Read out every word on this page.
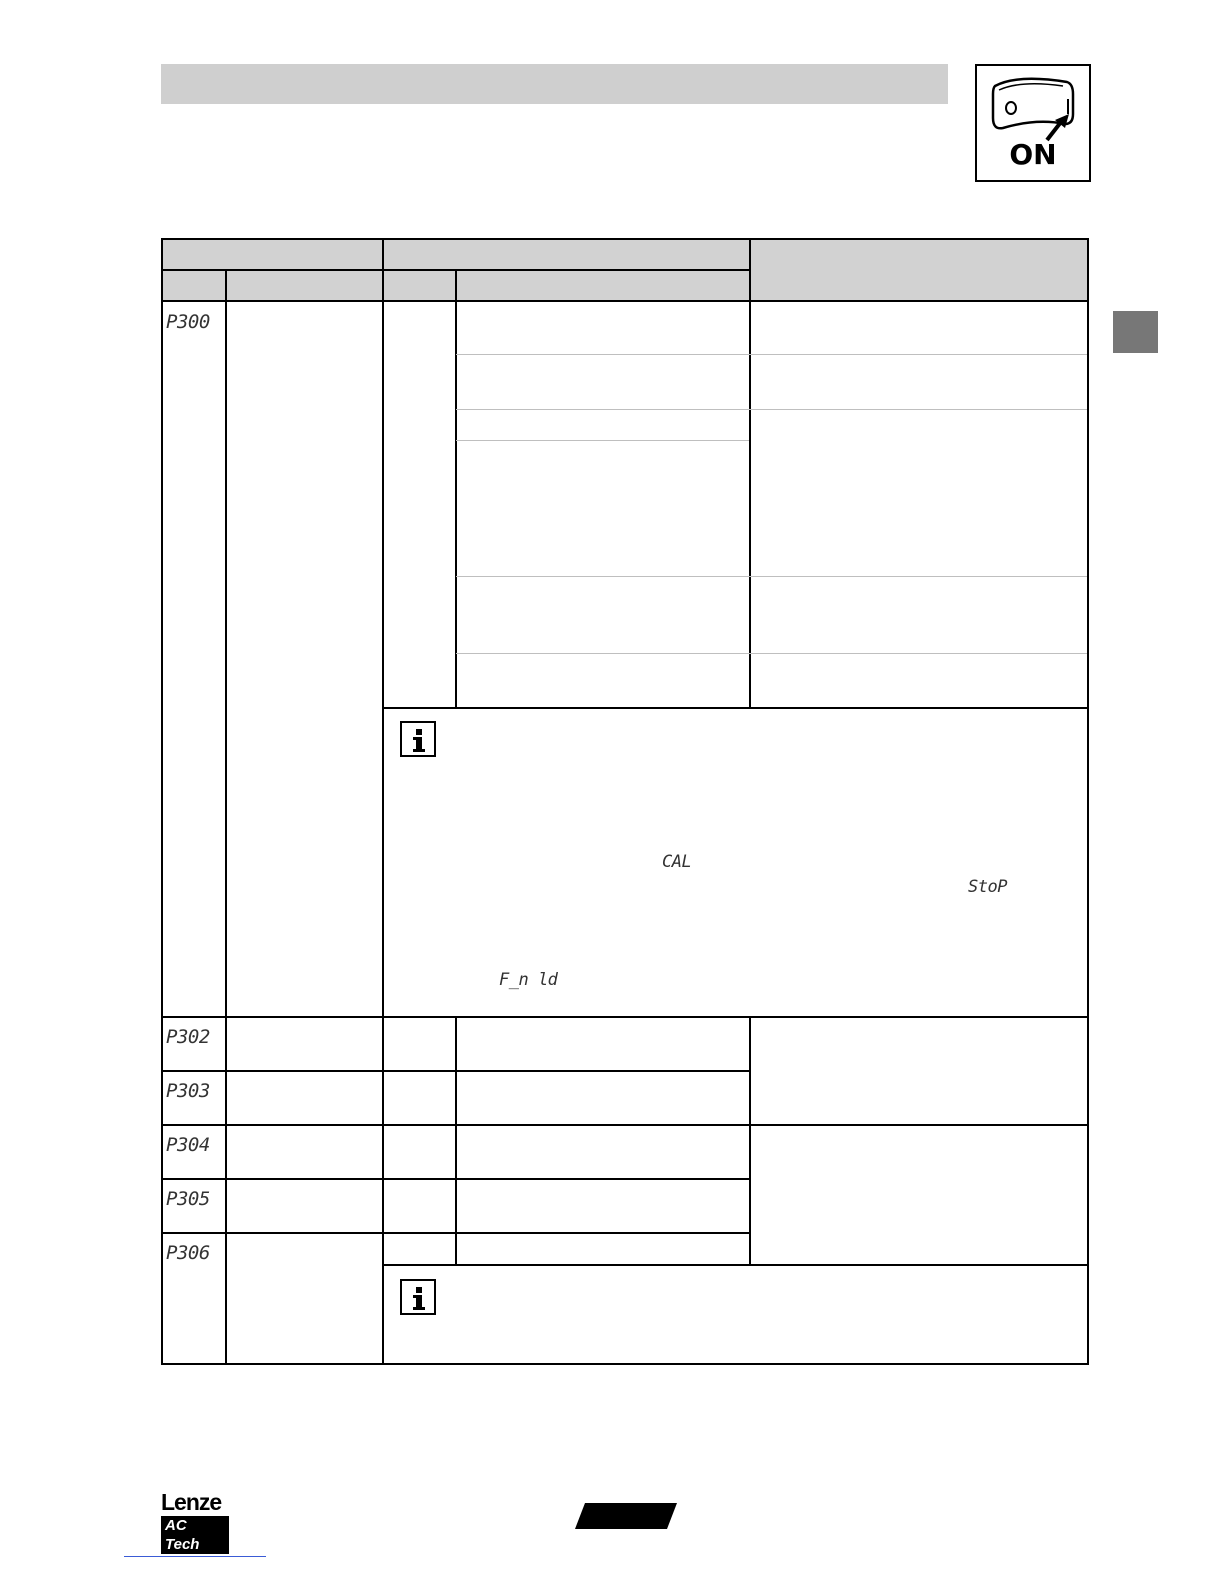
ON
P300
P302
P303
P304
P305
P306
CAL
StoP
F_n ld
Lenze
AC Tech
